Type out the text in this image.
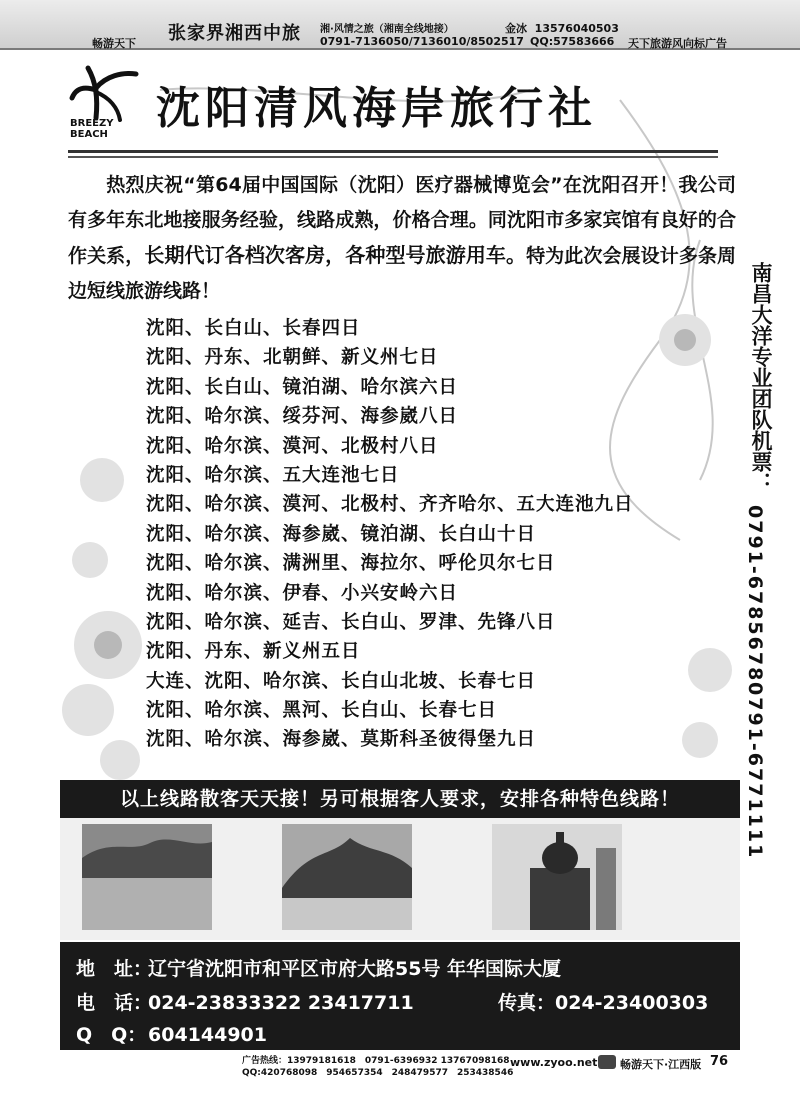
畅游天下 张家界湘西中旅 湘·风情之旅（湘南全线地接）	金冰 13576040503
0791-7136050/7136010/8502517 QQ:57583666 天下旅游风向标广告
BREEZY
BEACH
沈阳清风海岸旅行社

  热烈庆祝“第64届中国国际（沈阳）医疗器械博览会”在沈阳召开！我公司有多年东北地接服务经验，线路成熟，价格合理。同沈阳市多家宾馆有良好的合作关系，长期代订各档次客房，各种型号旅游用车。特为此次会展设计多条周边短线旅游线路！

沈阳、长白山、长春四日
沈阳、丹东、北朝鲜、新义州七日
沈阳、长白山、镜泊湖、哈尔滨六日
沈阳、哈尔滨、绥芬河、海参崴八日
沈阳、哈尔滨、漠河、北极村八日
沈阳、哈尔滨、五大连池七日
沈阳、哈尔滨、漠河、北极村、齐齐哈尔、五大连池九日
沈阳、哈尔滨、海参崴、镜泊湖、长白山十日
沈阳、哈尔滨、满洲里、海拉尔、呼伦贝尔七日
沈阳、哈尔滨、伊春、小兴安岭六日
沈阳、哈尔滨、延吉、长白山、罗津、先锋八日
沈阳、丹东、新义州五日
大连、沈阳、哈尔滨、长白山北坡、长春七日
沈阳、哈尔滨、黑河、长白山、长春七日
沈阳、哈尔滨、海参崴、莫斯科圣彼得堡九日
南昌大洋专业团队机票：
0791-6785678
0791-6771111
以上线路散客天天接！另可根据客人要求，安排各种特色线路！
地　址：辽宁省沈阳市和平区市府大路55号 年华国际大厦
电　话：024-23833322 23417711	传真：024-23400303
Q　Q：604144901
广告热线：13979181618　0791-6396932 13767098168
QQ:420768098　954657354　248479577　253438546
www.zyoo.net 畅游天下·江西版 76
